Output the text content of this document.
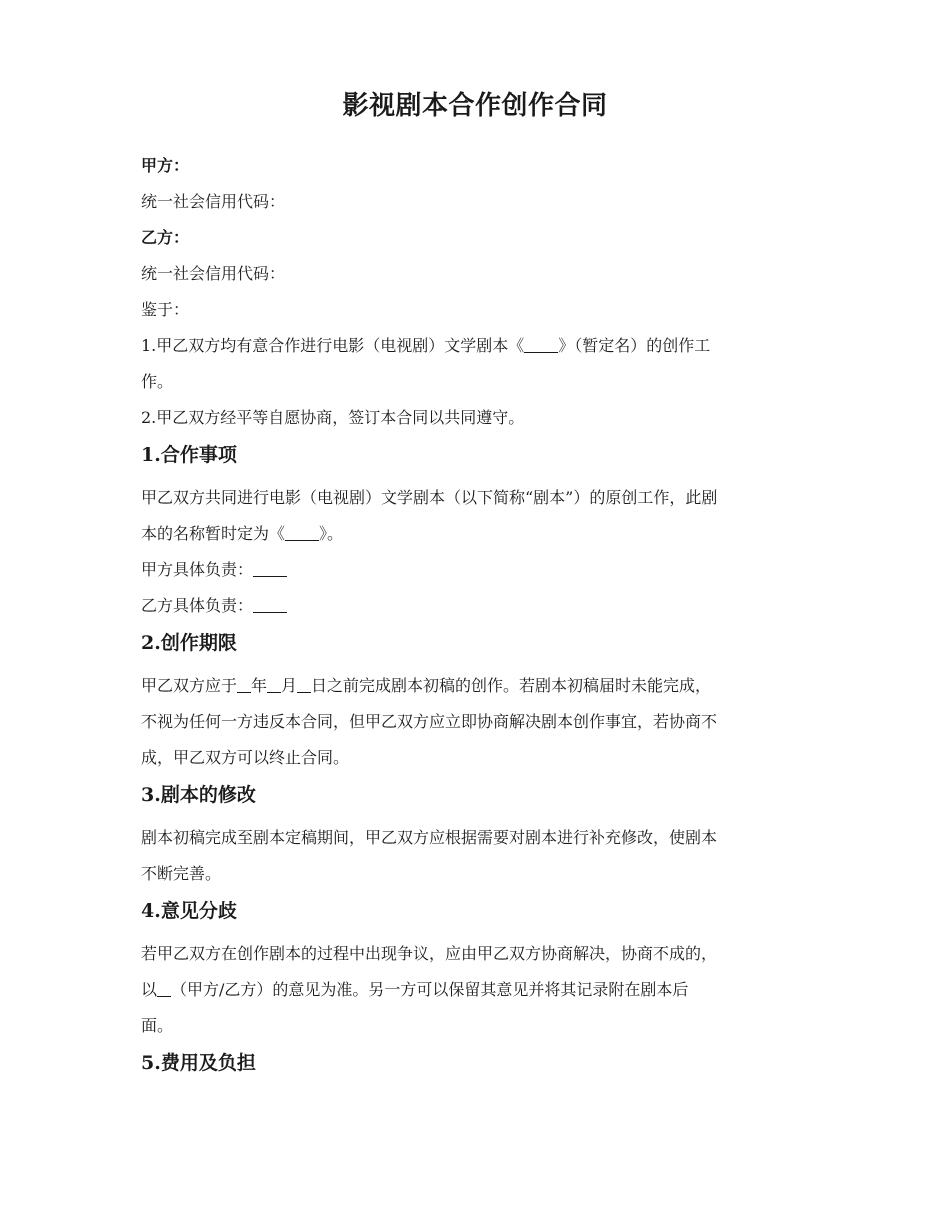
影视剧本合作创作合同

甲方：

统一社会信用代码：

乙方：

统一社会信用代码：

鉴于：

1.甲乙双方均有意合作进行电影（电视剧）文学剧本《 》（暂定名）的创作工

作。

2.甲乙双方经平等自愿协商，签订本合同以共同遵守。

1.合作事项

甲乙双方共同进行电影（电视剧）文学剧本（以下简称“剧本”）的原创工作，此剧

本的名称暂时定为《 》。

甲方具体负责：

乙方具体负责：

2.创作期限

甲乙双方应于 年 月 日之前完成剧本初稿的创作。若剧本初稿届时未能完成，

不视为任何一方违反本合同，但甲乙双方应立即协商解决剧本创作事宜，若协商不

成，甲乙双方可以终止合同。

3.剧本的修改

剧本初稿完成至剧本定稿期间，甲乙双方应根据需要对剧本进行补充修改，使剧本

不断完善。

4.意见分歧

若甲乙双方在创作剧本的过程中出现争议，应由甲乙双方协商解决，协商不成的，

以 （甲方/乙方）的意见为准。另一方可以保留其意见并将其记录附在剧本后

面。

5.费用及负担
